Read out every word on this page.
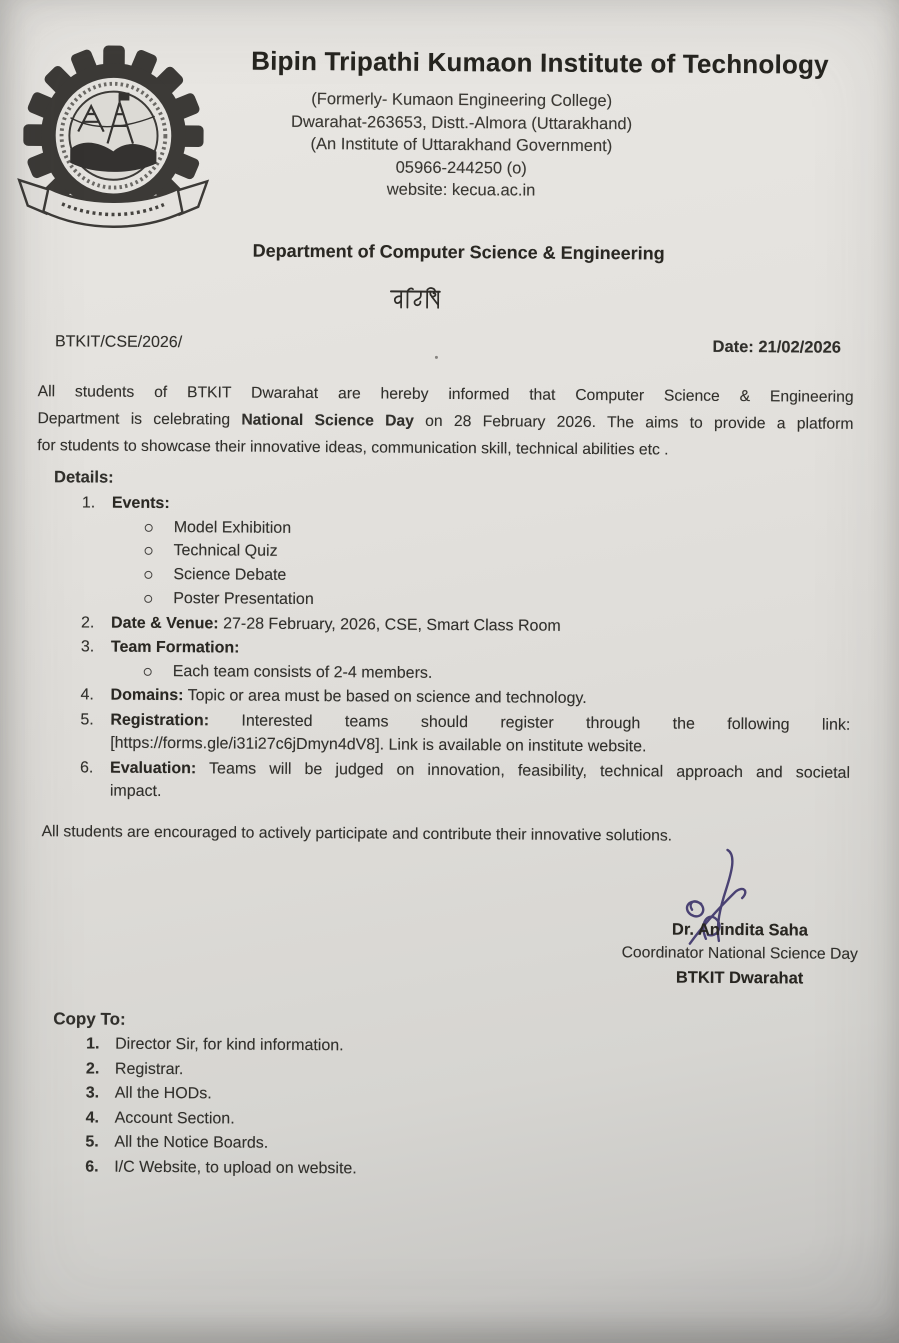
Bipin Tripathi Kumaon Institute of Technology
(Formerly- Kumaon Engineering College)
Dwarahat-263653, Distt.-Almora (Uttarakhand)
(An Institute of Uttarakhand Government)
05966-244250 (o)
website: kecua.ac.in
Department of Computer Science & Engineering
BTKIT/CSE/2026/	Date: 21/02/2026

All students of BTKIT Dwarahat are hereby informed that Computer Science & Engineering
Department is celebrating National Science Day on 28 February 2026. The aims to provide a platform
for students to showcase their innovative ideas, communication skill, technical abilities etc .

Details:
1. Events:
Model Exhibition
Technical Quiz
Science Debate
Poster Presentation
2. Date & Venue: 27-28 February, 2026, CSE, Smart Class Room
3. Team Formation:
Each team consists of 2-4 members.
4. Domains: Topic or area must be based on science and technology.
5. Registration: Interested teams should register through the following link:
[https://forms.gle/i31i27c6jDmyn4dV8]. Link is available on institute website.
6. Evaluation: Teams will be judged on innovation, feasibility, technical approach and societal
impact.

All students are encouraged to actively participate and contribute their innovative solutions.

Dr. Anindita Saha
Coordinator National Science Day
BTKIT Dwarahat
Copy To:
1. Director Sir, for kind information.
2. Registrar.
3. All the HODs.
4. Account Section.
5. All the Notice Boards.
6. I/C Website, to upload on website.
